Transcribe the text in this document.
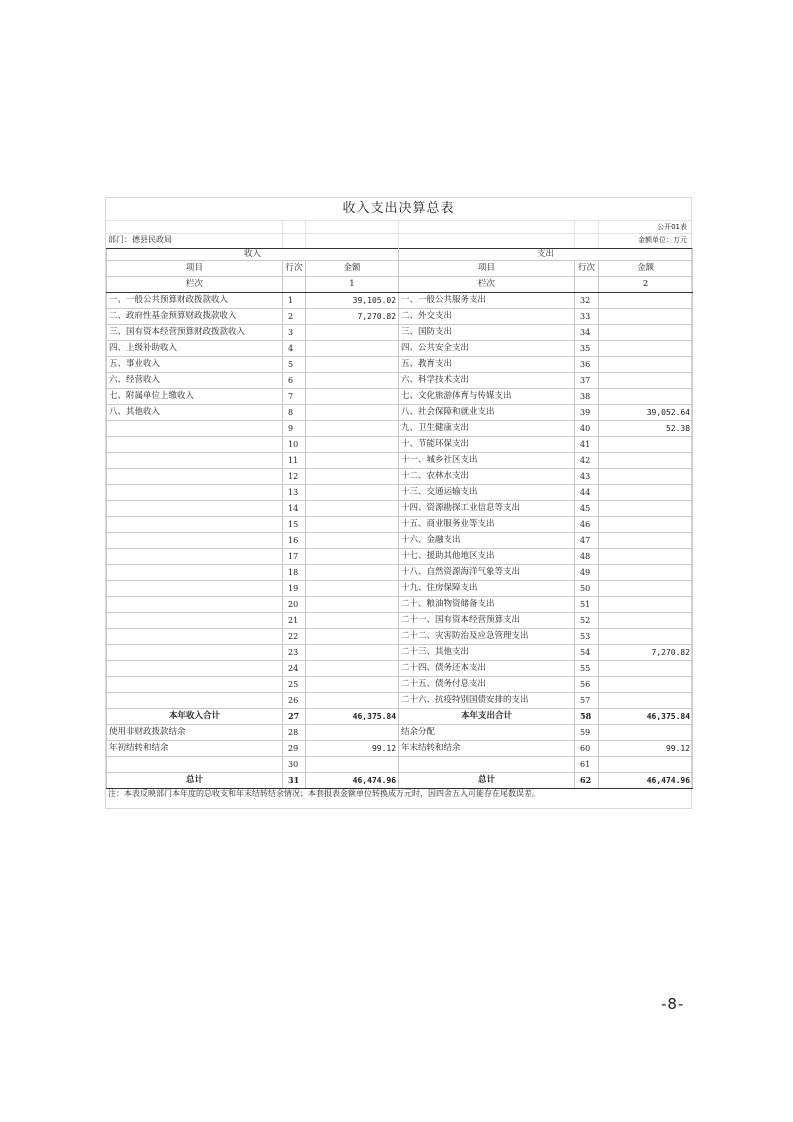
收入支出决算总表
公开01表
部门：德县民政局	金额单位：万元
收入			支出		
项目	行次	金额	项目	行次	金额
栏次		1	栏次		2
一、一般公共预算财政拨款收入	1	39,105.02	一、一般公共服务支出	32	
二、政府性基金预算财政拨款收入	2	7,270.82	二、外交支出	33	
三、国有资本经营预算财政拨款收入	3		三、国防支出	34	
四、上级补助收入	4		四、公共安全支出	35	
五、事业收入	5		五、教育支出	36	
六、经营收入	6		六、科学技术支出	37	
七、附属单位上缴收入	7		七、文化旅游体育与传媒支出	38	
八、其他收入	8		八、社会保障和就业支出	39	39,052.64
	9		九、卫生健康支出	40	52.38
	10		十、节能环保支出	41	
	11		十一、城乡社区支出	42	
	12		十二、农林水支出	43	
	13		十三、交通运输支出	44	
	14		十四、资源勘探工业信息等支出	45	
	15		十五、商业服务业等支出	46	
	16		十六、金融支出	47	
	17		十七、援助其他地区支出	48	
	18		十八、自然资源海洋气象等支出	49	
	19		十九、住房保障支出	50	
	20		二十、粮油物资储备支出	51	
	21		二十一、国有资本经营预算支出	52	
	22		二十二、灾害防治及应急管理支出	53	
	23		二十三、其他支出	54	7,270.82
	24		二十四、债务还本支出	55	
	25		二十五、债务付息支出	56	
	26		二十六、抗疫特别国债安排的支出	57	
本年收入合计	27	46,375.84	本年支出合计	58	46,375.84
使用非财政拨款结余	28		结余分配	59	
年初结转和结余	29	99.12	年末结转和结余	60	99.12
	30			61	
总计	31	46,474.96	总计	62	46,474.96
注：本表反映部门本年度的总收支和年末结转结余情况；本套报表金额单位转换成万元时，因四舍五入可能存在尾数误差。
-8-
